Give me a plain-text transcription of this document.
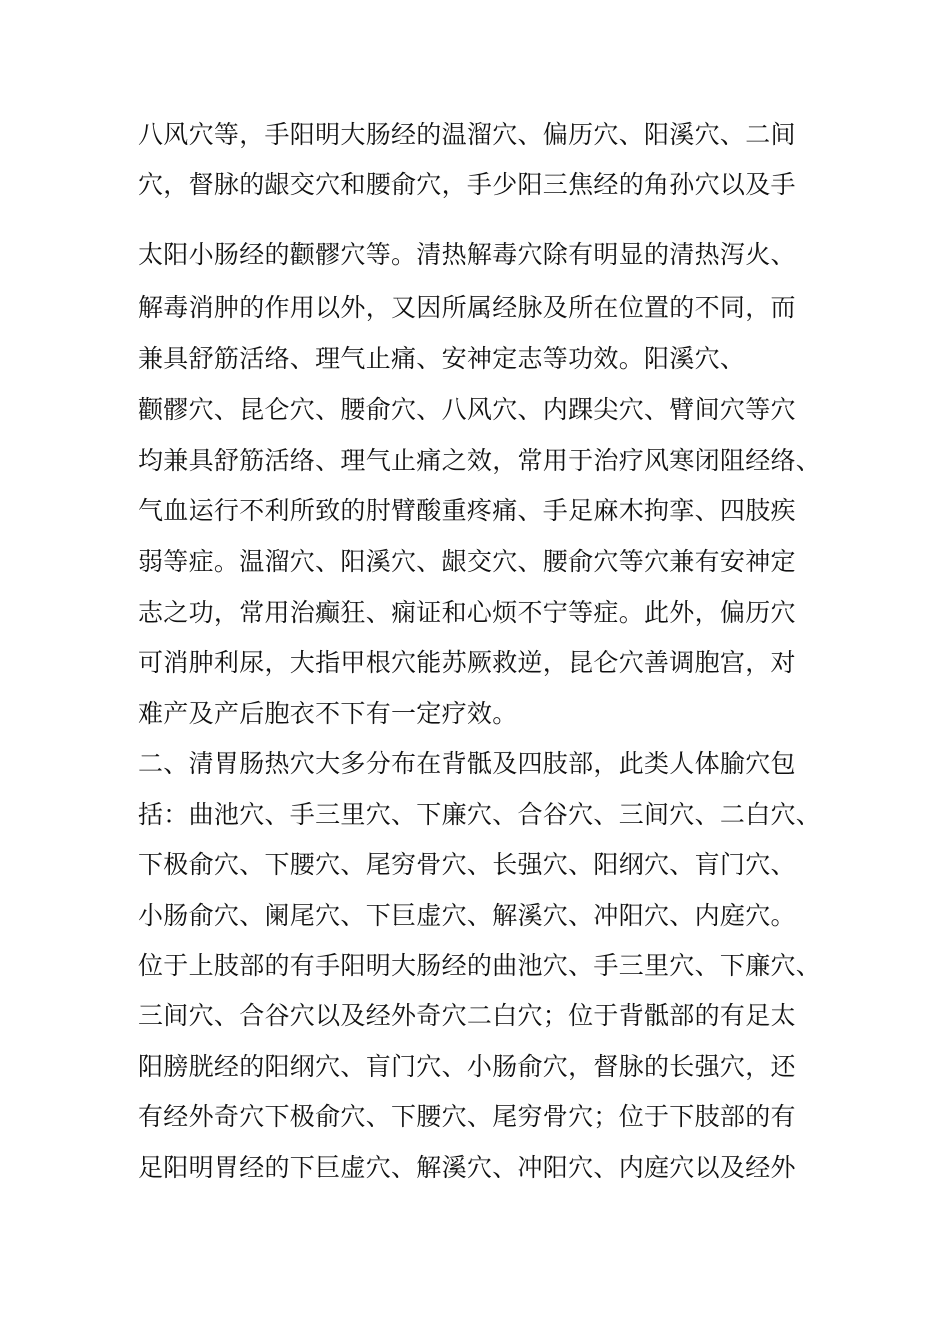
八风穴等，手阳明大肠经的温溜穴、偏历穴、阳溪穴、二间

穴，督脉的龈交穴和腰俞穴，手少阳三焦经的角孙穴以及手

太阳小肠经的颧髎穴等。清热解毒穴除有明显的清热泻火、

解毒消肿的作用以外，又因所属经脉及所在位置的不同，而

兼具舒筋活络、理气止痛、安神定志等功效。阳溪穴、

颧髎穴、昆仑穴、腰俞穴、八风穴、内踝尖穴、臂间穴等穴

均兼具舒筋活络、理气止痛之效，常用于治疗风寒闭阻经络、

气血运行不利所致的肘臂酸重疼痛、手足麻木拘挛、四肢疾

弱等症。温溜穴、阳溪穴、龈交穴、腰俞穴等穴兼有安神定

志之功，常用治癫狂、痫证和心烦不宁等症。此外，偏历穴

可消肿利尿，大指甲根穴能苏厥救逆，昆仑穴善调胞宫，对

难产及产后胞衣不下有一定疗效。

二、清胃肠热穴大多分布在背骶及四肢部，此类人体腧穴包

括：曲池穴、手三里穴、下廉穴、合谷穴、三间穴、二白穴、

下极俞穴、下腰穴、尾穷骨穴、长强穴、阳纲穴、肓门穴、

小肠俞穴、阑尾穴、下巨虚穴、解溪穴、冲阳穴、内庭穴。

位于上肢部的有手阳明大肠经的曲池穴、手三里穴、下廉穴、

三间穴、合谷穴以及经外奇穴二白穴；位于背骶部的有足太

阳膀胱经的阳纲穴、肓门穴、小肠俞穴，督脉的长强穴，还

有经外奇穴下极俞穴、下腰穴、尾穷骨穴；位于下肢部的有

足阳明胃经的下巨虚穴、解溪穴、冲阳穴、内庭穴以及经外
